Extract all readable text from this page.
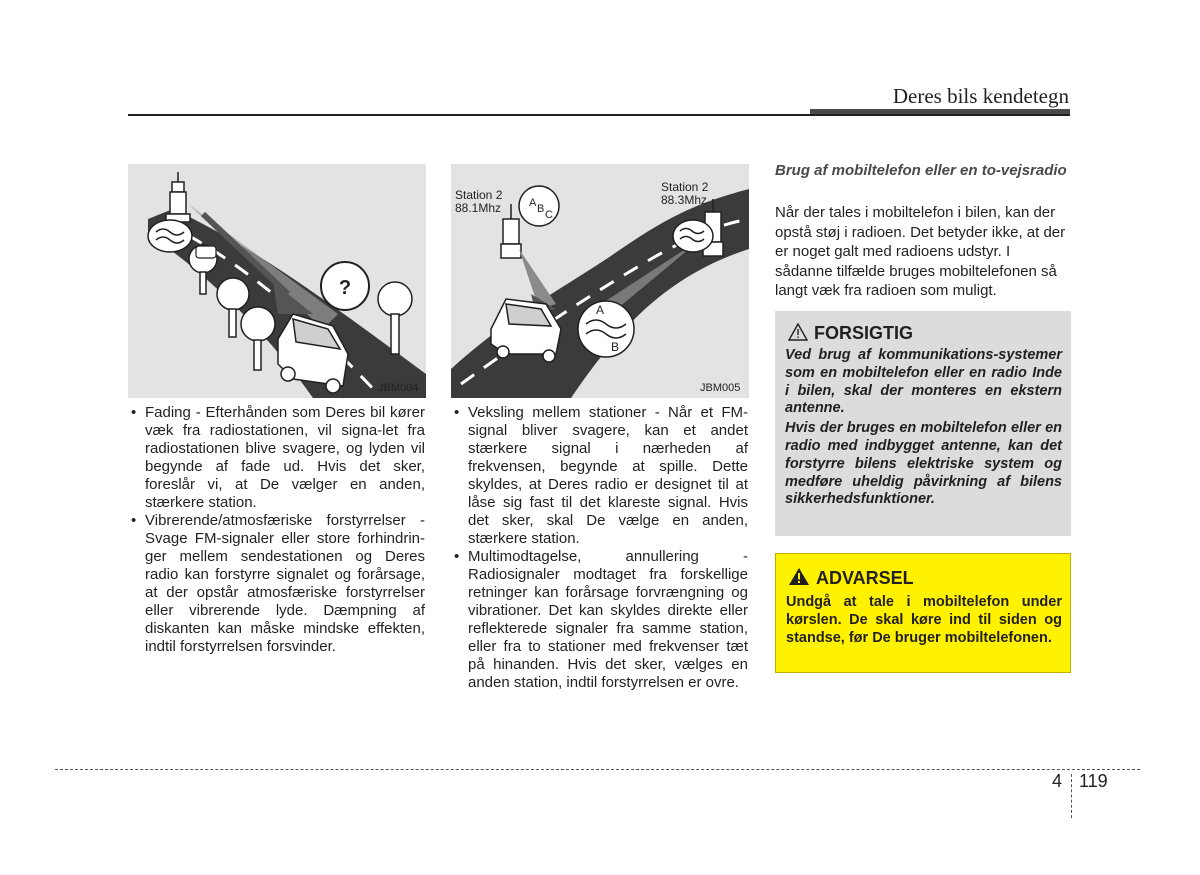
Deres bils kendetegn
?
JBM004
A B C
A
B
Station 2
88.1Mhz
Station 2
88.3Mhz
JBM005
• Fading - Efterhånden som Deres bil kører væk fra radiostationen, vil signa-let fra radiostationen blive svagere, og lyden vil begynde af fade ud. Hvis det sker, foreslår vi, at De vælger en anden, stærkere station.
• Vibrerende/atmosfæriske forstyrrelser - Svage FM-signaler eller store forhindrin- ger mellem sendestationen og Deres radio kan forstyrre signalet og forårsage, at der opstår atmosfæriske forstyrrelser eller vibrerende lyde. Dæmpning af diskanten kan måske mindske effekten, indtil forstyrrelsen forsvinder.
• Veksling mellem stationer - Når et FM-signal bliver svagere, kan et andet stærkere signal i nærheden af frekvensen, begynde at spille. Dette skyldes, at Deres radio er designet til at låse sig fast til det klareste signal. Hvis det sker, skal De vælge en anden, stærkere station.
• Multimodtagelse, annullering - Radiosignaler modtaget fra forskellige retninger kan forårsage forvrængning og vibrationer. Det kan skyldes direkte eller reflekterede signaler fra samme station, eller fra to stationer med frekvenser tæt på hinanden. Hvis det sker, vælges en anden station, indtil forstyrrelsen er ovre.
Brug af mobiltelefon eller en to-vejsradio
Når der tales i mobiltelefon i bilen, kan der opstå støj i radioen. Det betyder ikke, at der er noget galt med radioens udstyr. I sådanne tilfælde bruges mobiltelefonen så langt væk fra radioen som muligt.
FORSIGTIG
Ved brug af kommunikations-systemer som en mobiltelefon eller en radio Inde i bilen, skal der monteres en ekstern antenne.
Hvis der bruges en mobiltelefon eller en radio med indbygget antenne, kan det forstyrre bilens elektriske system og medføre uheldig påvirkning af bilens sikkerhedsfunktioner.
ADVARSEL
Undgå at tale i mobiltelefon under kørslen. De skal køre ind til siden og standse, før De bruger mobiltelefonen.
4 119
